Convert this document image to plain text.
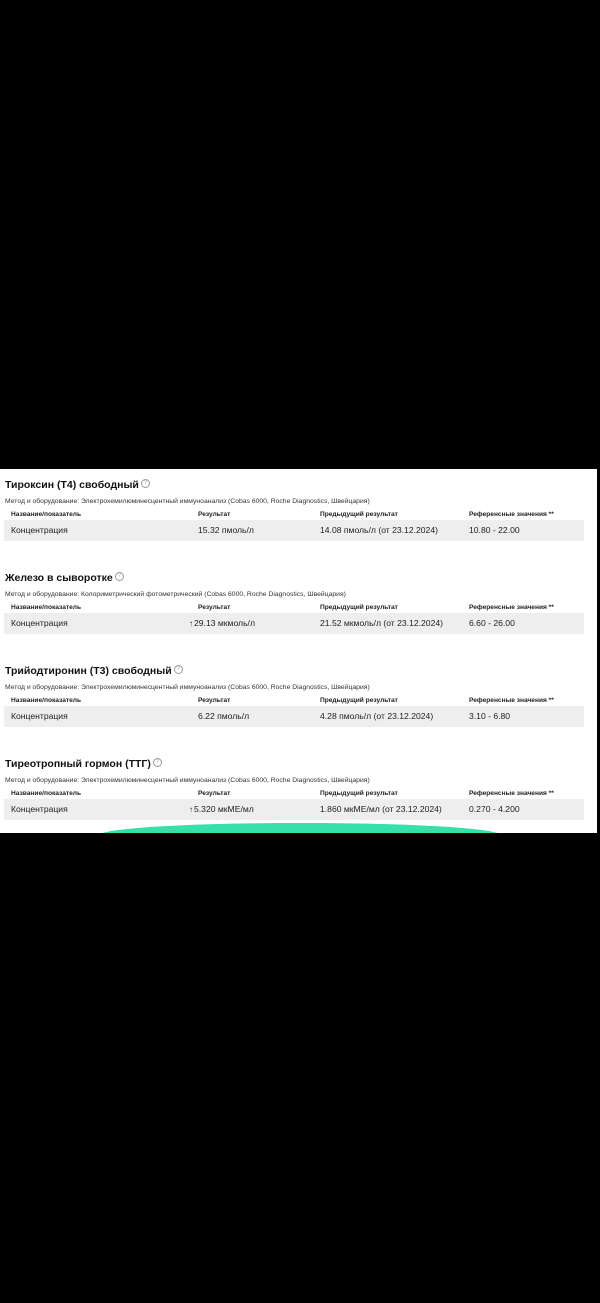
Тироксин (Т4) свободный ?
Метод и оборудование: Электрохемилюминесцентный иммуноанализ (Cobas 6000, Roche Diagnostics, Швейцария)
Название/показатель	Результат	Предыдущий результат	Референсные значения **
Концентрация	15.32 пмоль/л	14.08 пмоль/л (от 23.12.2024)	10.80 - 22.00
Железо в сыворотке ?
Метод и оборудование: Колориметрический фотометрический (Cobas 6000, Roche Diagnostics, Швейцария)
Название/показатель	Результат	Предыдущий результат	Референсные значения **
Концентрация	↑29.13 мкмоль/л	21.52 мкмоль/л (от 23.12.2024)	6.60 - 26.00
Трийодтиронин (Т3) свободный ?
Метод и оборудование: Электрохемилюминесцентный иммуноанализ (Cobas 6000, Roche Diagnostics, Швейцария)
Название/показатель	Результат	Предыдущий результат	Референсные значения **
Концентрация	6.22 пмоль/л	4.28 пмоль/л (от 23.12.2024)	3.10 - 6.80
Тиреотропный гормон (ТТГ) ?
Метод и оборудование: Электрохемилюминесцентный иммуноанализ (Cobas 6000, Roche Diagnostics, Швейцария)
Название/показатель	Результат	Предыдущий результат	Референсные значения **
Концентрация	↑5.320 мкМЕ/мл	1.860 мкМЕ/мл (от 23.12.2024)	0.270 - 4.200
